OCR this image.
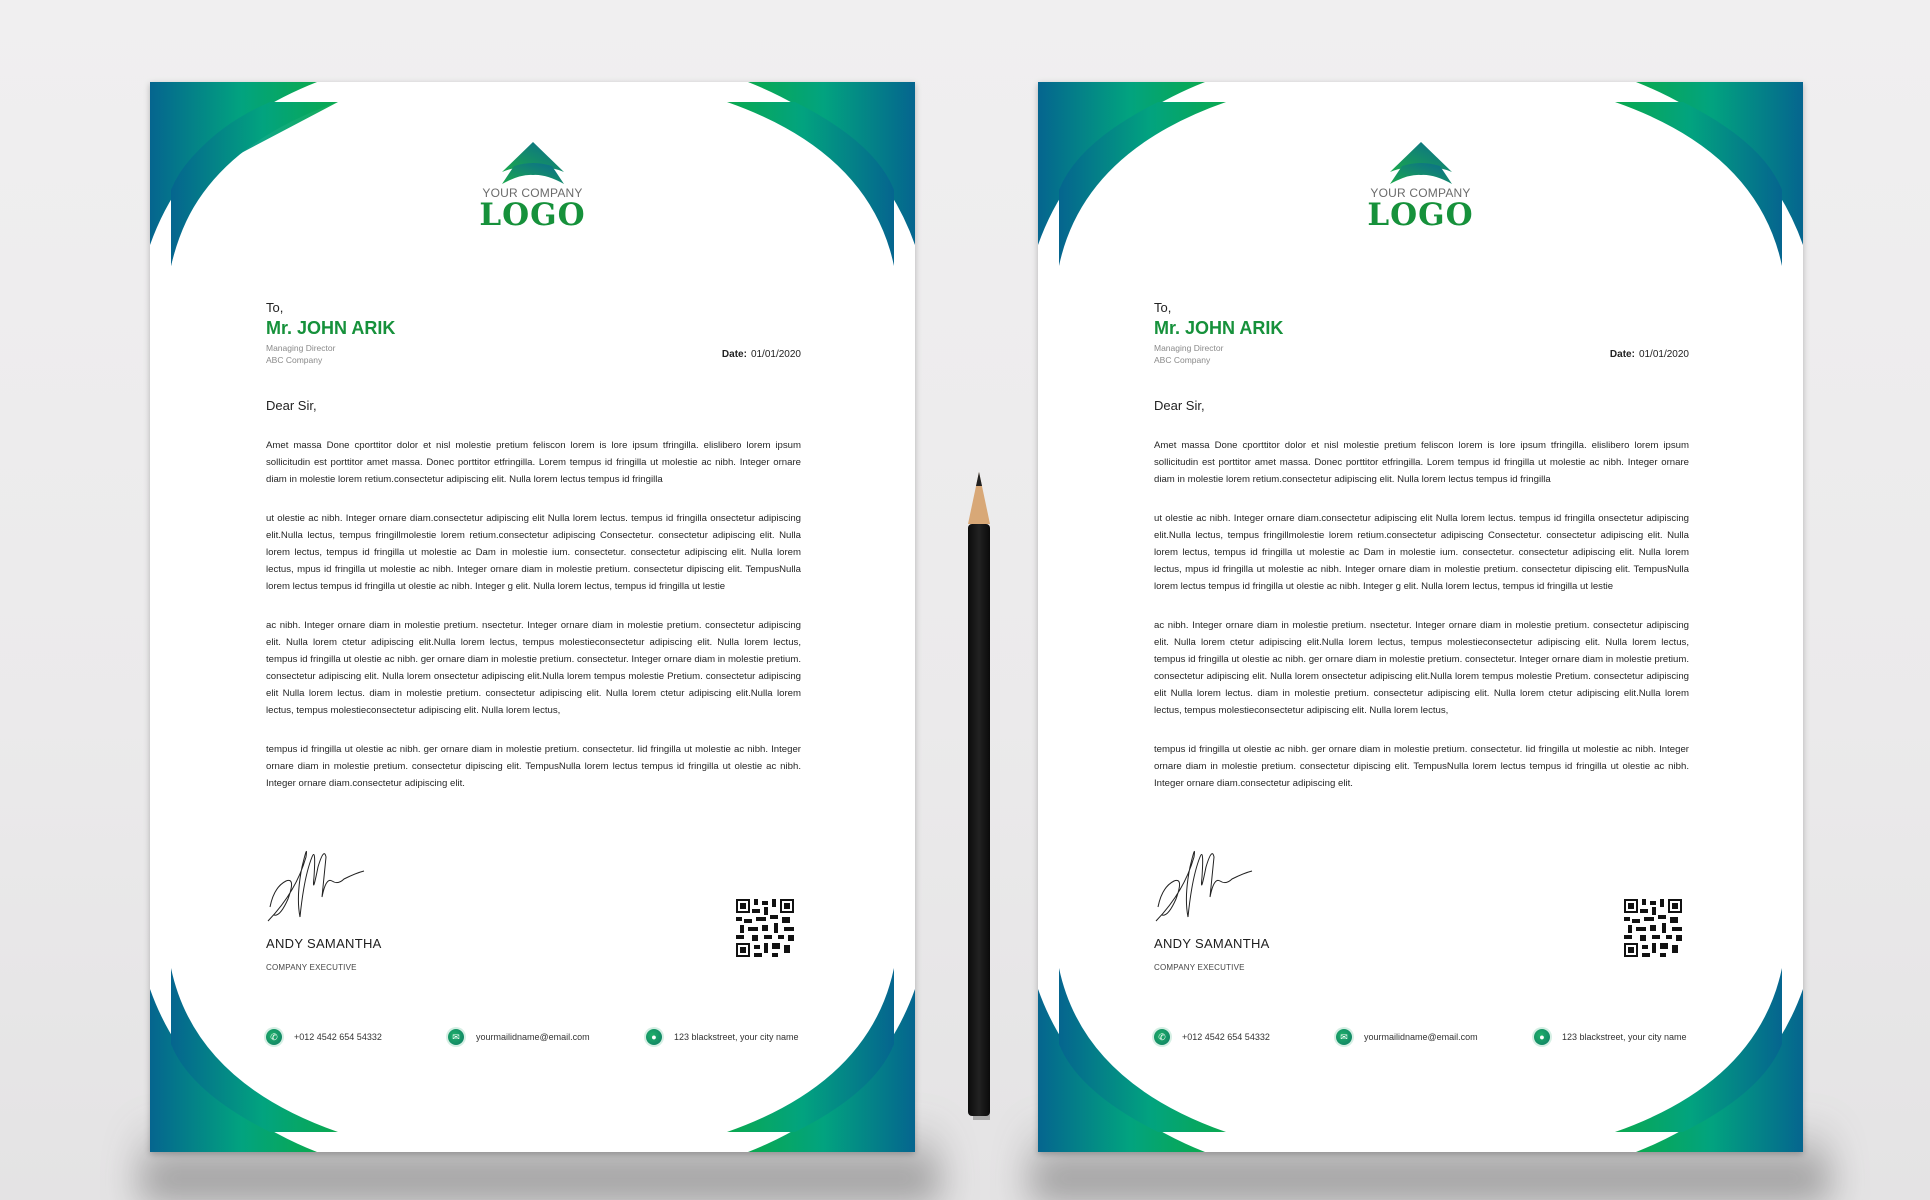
YOUR COMPANY
LOGO
To,
Mr. JOHN ARIK
Managing Director
ABC Company	Date: 01/01/2020
Dear Sir,

Amet massa Done cporttitor dolor et nisl molestie pretium feliscon lorem is lore ipsum tfringilla. elislibero lorem ipsum sollicitudin est porttitor amet massa. Donec porttitor etfringilla. Lorem tempus id fringilla ut molestie ac nibh. Integer ornare diam in molestie lorem retium.consectetur adipiscing elit. Nulla lorem lectus tempus id fringilla

ut olestie ac nibh. Integer ornare diam.consectetur adipiscing elit Nulla lorem lectus. tempus id fringilla onsectetur adipiscing elit.Nulla lectus, tempus fringillmolestie lorem retium.consectetur adipiscing Consectetur. consectetur adipiscing elit. Nulla lorem lectus, tempus id fringilla ut molestie ac Dam in molestie ium. consectetur. consectetur adipiscing elit. Nulla lorem lectus, mpus id fringilla ut molestie ac nibh. Integer ornare diam in molestie pretium. consectetur dipiscing elit. TempusNulla lorem lectus tempus id fringilla ut olestie ac nibh. Integer g elit. Nulla lorem lectus, tempus id fringilla ut lestie

ac nibh. Integer ornare diam in molestie pretium. nsectetur. Integer ornare diam in molestie pretium. consectetur adipiscing elit. Nulla lorem ctetur adipiscing elit.Nulla lorem lectus, tempus molestieconsectetur adipiscing elit. Nulla lorem lectus, tempus id fringilla ut olestie ac nibh. ger ornare diam in molestie pretium. consectetur. Integer ornare diam in molestie pretium. consectetur adipiscing elit. Nulla lorem onsectetur adipiscing elit.Nulla lorem tempus molestie Pretium. consectetur adipiscing elit Nulla lorem lectus. diam in molestie pretium. consectetur adipiscing elit. Nulla lorem ctetur adipiscing elit.Nulla lorem lectus, tempus molestieconsectetur adipiscing elit. Nulla lorem lectus,

tempus id fringilla ut olestie ac nibh. ger ornare diam in molestie pretium. consectetur. Iid fringilla ut molestie ac nibh. Integer ornare diam in molestie pretium. consectetur dipiscing elit. TempusNulla lorem lectus tempus id fringilla ut olestie ac nibh. Integer ornare diam.consectetur adipiscing elit.

ANDY SAMANTHA
COMPANY EXECUTIVE
✆	+012 4542 654 54332	✉	yourmailidname@email.com	●	123 blackstreet, your city name
YOUR COMPANY
LOGO
To,
Mr. JOHN ARIK
Managing Director
ABC Company	Date: 01/01/2020
Dear Sir,

Amet massa Done cporttitor dolor et nisl molestie pretium feliscon lorem is lore ipsum tfringilla. elislibero lorem ipsum sollicitudin est porttitor amet massa. Donec porttitor etfringilla. Lorem tempus id fringilla ut molestie ac nibh. Integer ornare diam in molestie lorem retium.consectetur adipiscing elit. Nulla lorem lectus tempus id fringilla

ut olestie ac nibh. Integer ornare diam.consectetur adipiscing elit Nulla lorem lectus. tempus id fringilla onsectetur adipiscing elit.Nulla lectus, tempus fringillmolestie lorem retium.consectetur adipiscing Consectetur. consectetur adipiscing elit. Nulla lorem lectus, tempus id fringilla ut molestie ac Dam in molestie ium. consectetur. consectetur adipiscing elit. Nulla lorem lectus, mpus id fringilla ut molestie ac nibh. Integer ornare diam in molestie pretium. consectetur dipiscing elit. TempusNulla lorem lectus tempus id fringilla ut olestie ac nibh. Integer g elit. Nulla lorem lectus, tempus id fringilla ut lestie

ac nibh. Integer ornare diam in molestie pretium. nsectetur. Integer ornare diam in molestie pretium. consectetur adipiscing elit. Nulla lorem ctetur adipiscing elit.Nulla lorem lectus, tempus molestieconsectetur adipiscing elit. Nulla lorem lectus, tempus id fringilla ut olestie ac nibh. ger ornare diam in molestie pretium. consectetur. Integer ornare diam in molestie pretium. consectetur adipiscing elit. Nulla lorem onsectetur adipiscing elit.Nulla lorem tempus molestie Pretium. consectetur adipiscing elit Nulla lorem lectus. diam in molestie pretium. consectetur adipiscing elit. Nulla lorem ctetur adipiscing elit.Nulla lorem lectus, tempus molestieconsectetur adipiscing elit. Nulla lorem lectus,

tempus id fringilla ut olestie ac nibh. ger ornare diam in molestie pretium. consectetur. Iid fringilla ut molestie ac nibh. Integer ornare diam in molestie pretium. consectetur dipiscing elit. TempusNulla lorem lectus tempus id fringilla ut olestie ac nibh. Integer ornare diam.consectetur adipiscing elit.

ANDY SAMANTHA
COMPANY EXECUTIVE
✆	+012 4542 654 54332	✉	yourmailidname@email.com	●	123 blackstreet, your city name
